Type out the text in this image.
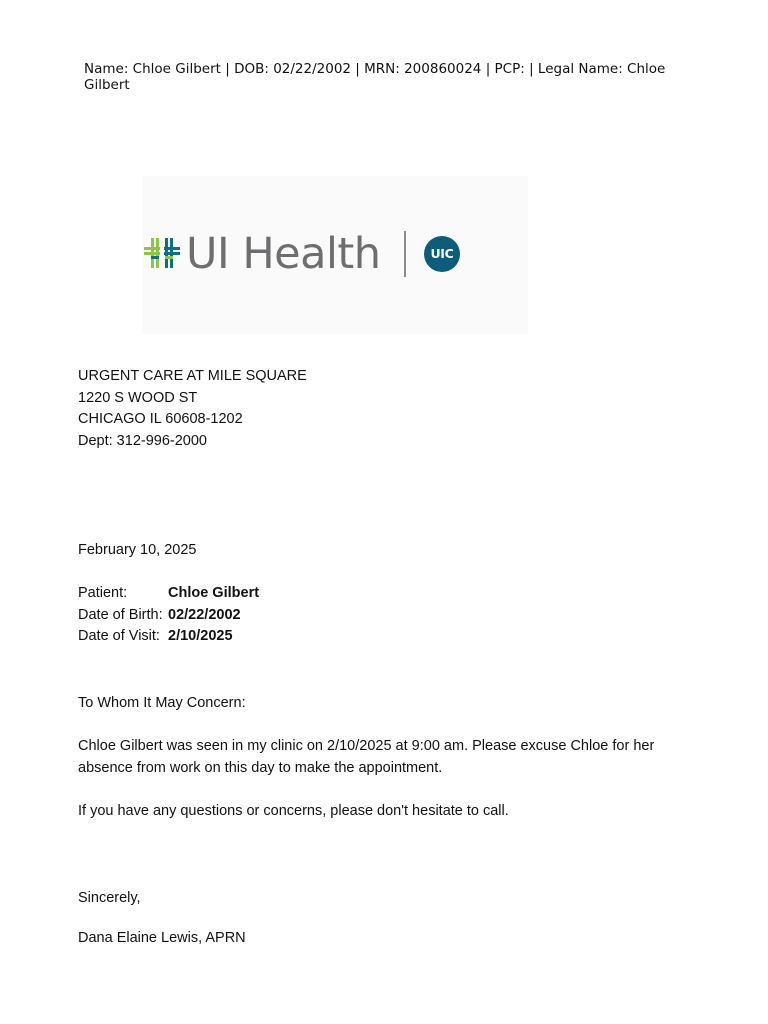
Name: Chloe Gilbert | DOB: 02/22/2002 | MRN: 200860024 | PCP: | Legal Name: Chloe Gilbert
UI Health	UIC
URGENT CARE AT MILE SQUARE
1220 S WOOD ST
CHICAGO IL 60608-1202
Dept: 312-996-2000
February 10, 2025
Patient:	Chloe Gilbert
Date of Birth:	02/22/2002
Date of Visit:	2/10/2025
To Whom It May Concern:
Chloe Gilbert was seen in my clinic on 2/10/2025 at 9:00 am. Please excuse Chloe for her absence from work on this day to make the appointment.
If you have any questions or concerns, please don't hesitate to call.
Sincerely,
Dana Elaine Lewis, APRN
